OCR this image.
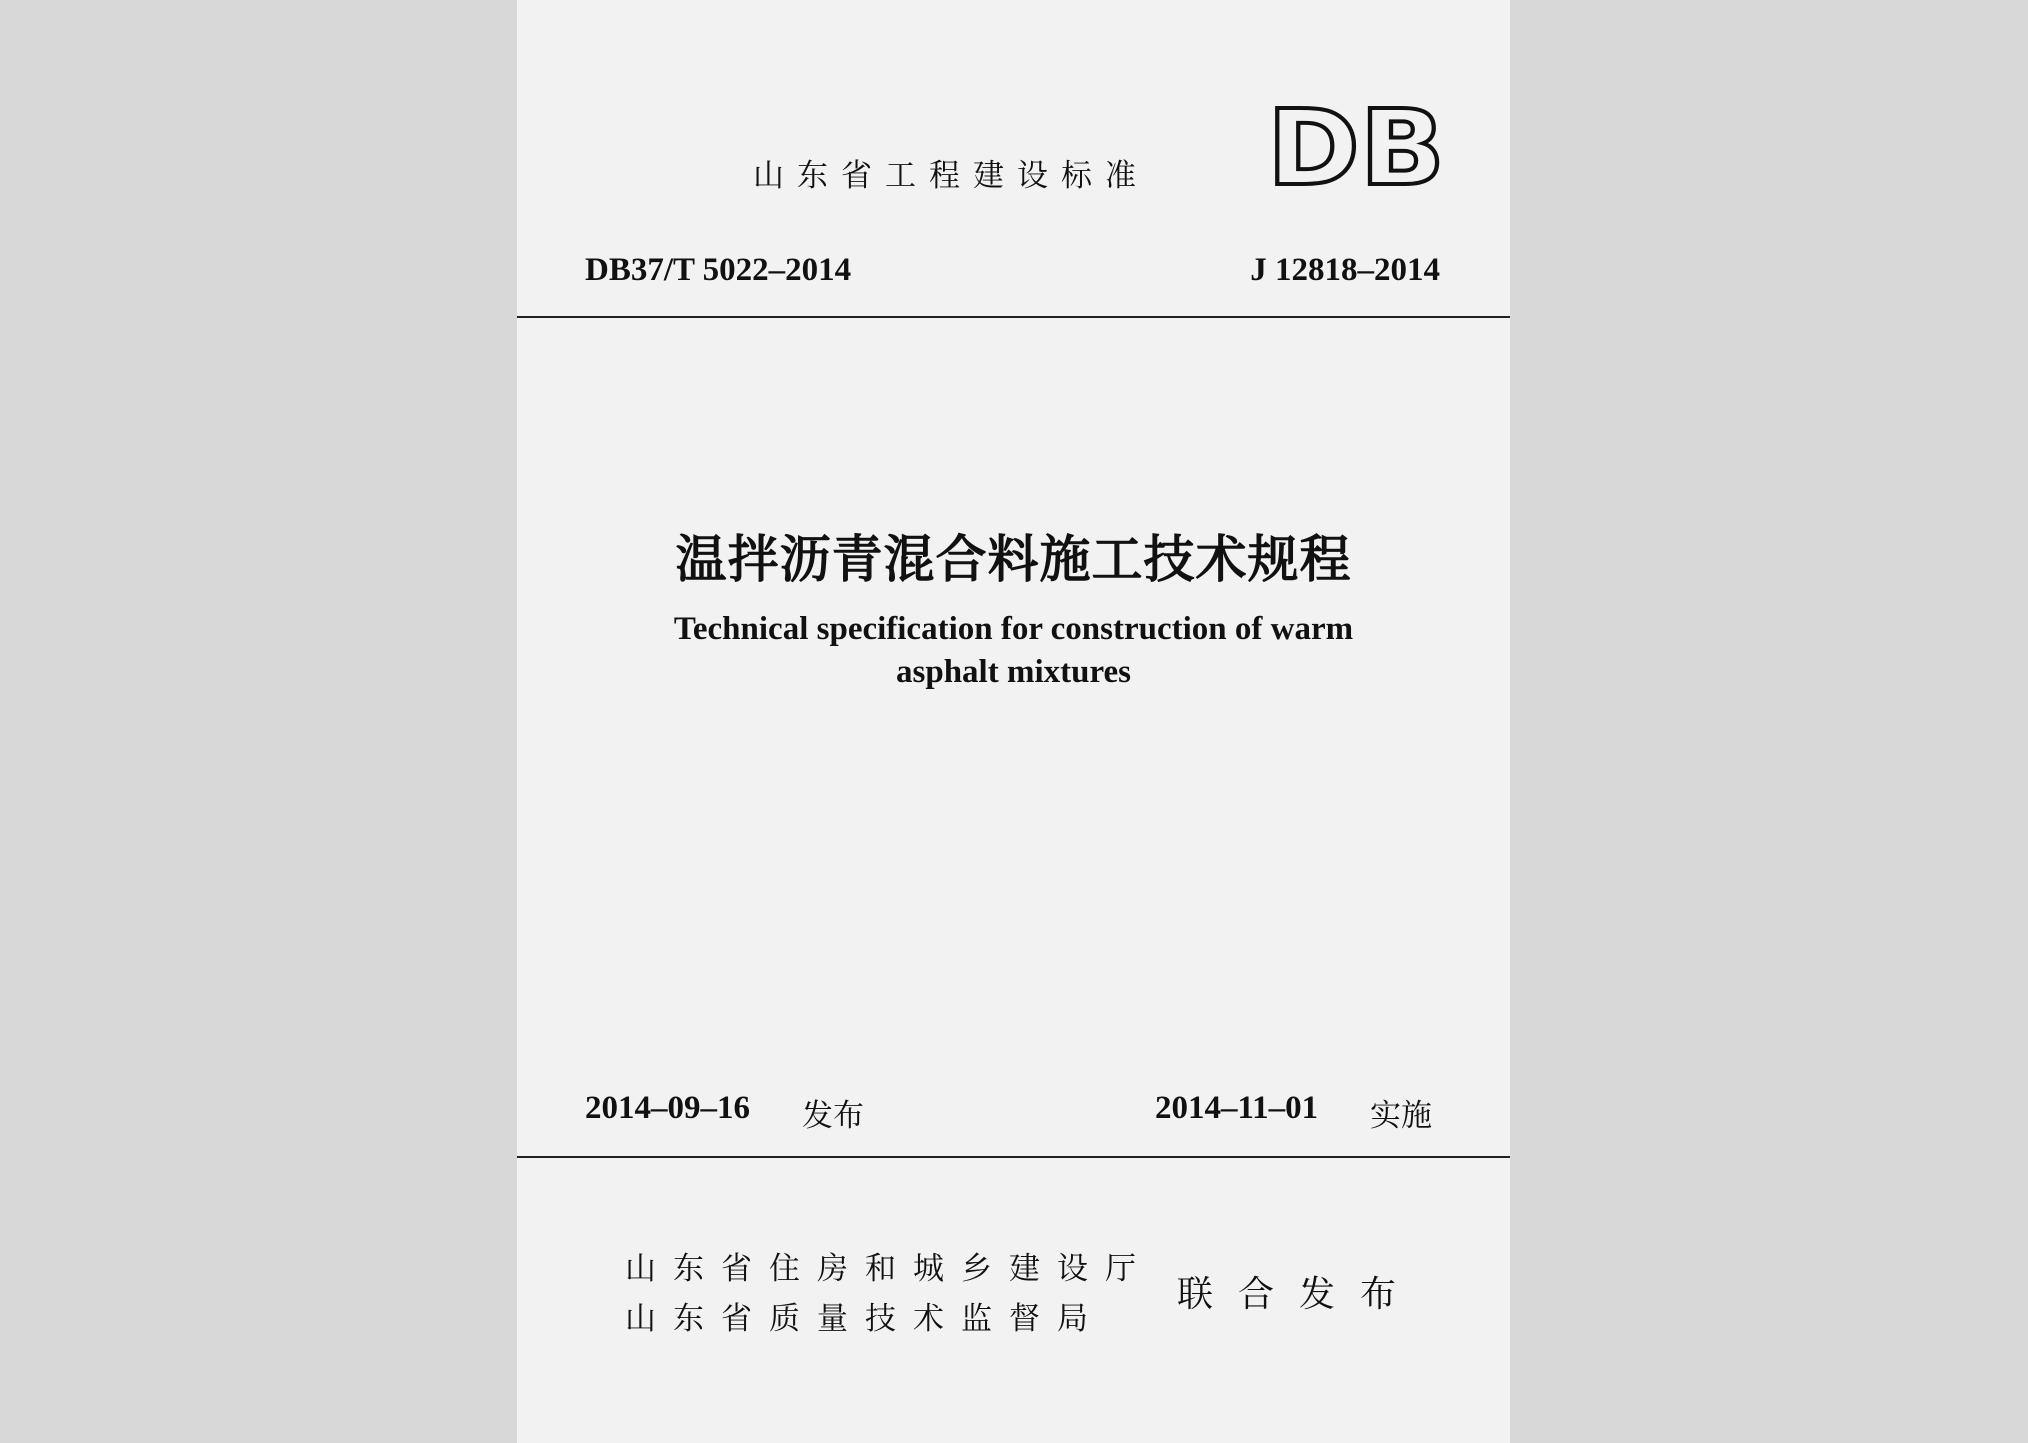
山东省工程建设标准 DB
DB37/T 5022–2014	J 12818–2014
温拌沥青混合料施工技术规程
Technical specification for construction of warm
asphalt mixtures
2014–09–16 发布	2014–11–01 实施
山东省住房和城乡建设厅
山东省质量技术监督局
联合发布
